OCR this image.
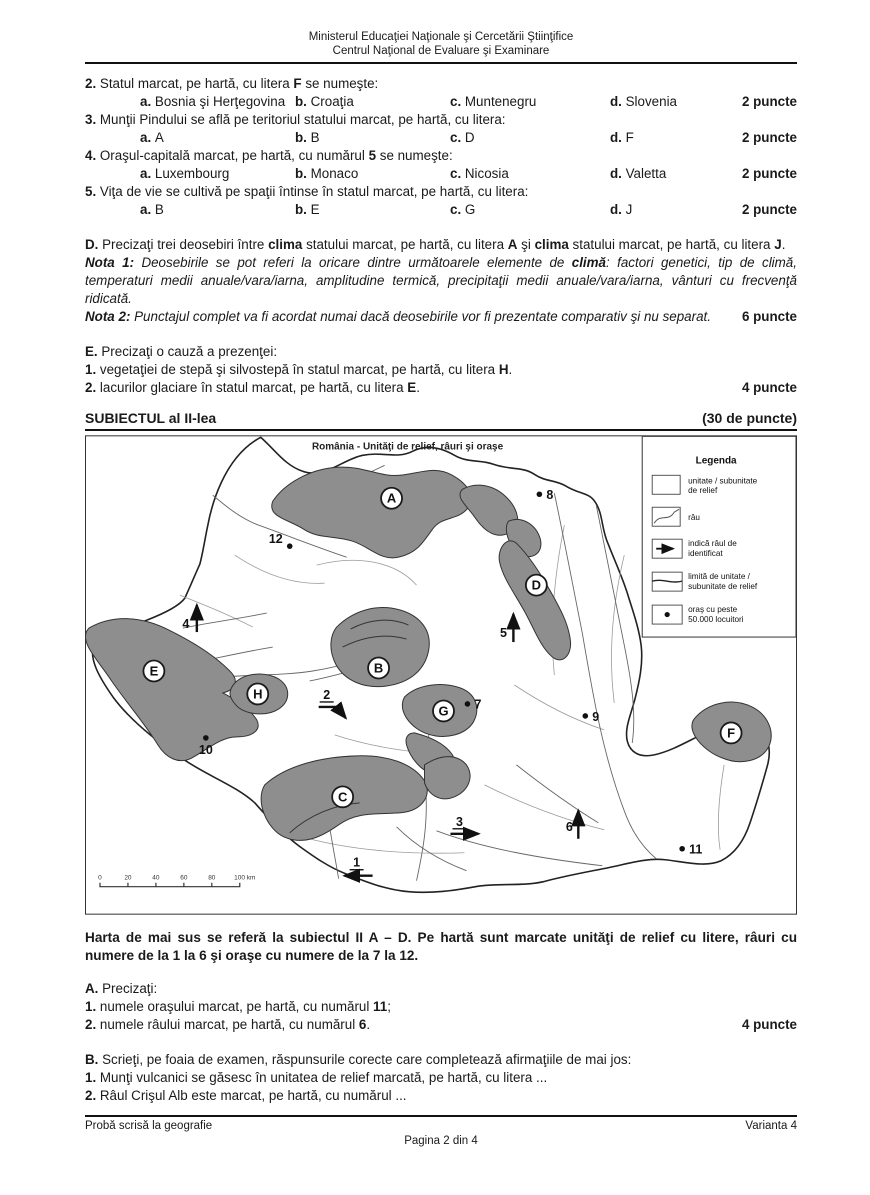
Ministerul Educaţiei Naţionale şi Cercetării Ştiinţifice
Centrul Naţional de Evaluare şi Examinare
2. Statul marcat, pe hartă, cu litera F se numeşte:
a. Bosnia şi Herţegovina b. Croaţia	c. Muntenegru	d. Slovenia	2 puncte
3. Munţii Pindului se află pe teritoriul statului marcat, pe hartă, cu litera:
a. A	b. B	c. D	d. F	2 puncte
4. Oraşul-capitală marcat, pe hartă, cu numărul 5 se numeşte:
a. Luxembourg	b. Monaco	c. Nicosia	d. Valetta	2 puncte
5. Viţa de vie se cultivă pe spaţii întinse în statul marcat, pe hartă, cu litera:
a. B	b. E	c. G	d. J	2 puncte
D. Precizaţi trei deosebiri între clima statului marcat, pe hartă, cu litera A şi clima statului marcat, pe hartă, cu litera J.
Nota 1: Deosebirile se pot referi la oricare dintre următoarele elemente de climă: factori genetici, tip de climă, temperaturi medii anuale/vara/iarna, amplitudine termică, precipitaţii medii anuale/vara/iarna, vânturi cu frecvenţă ridicată.
Nota 2: Punctajul complet va fi acordat numai dacă deosebirile vor fi prezentate comparativ şi nu separat. 6 puncte
E. Precizaţi o cauză a prezenţei:
1. vegetaţiei de stepă şi silvostepă în statul marcat, pe hartă, cu litera H.
2. lacurilor glaciare în statul marcat, pe hartă, cu litera E.	4 puncte
SUBIECTUL al II-lea	(30 de puncte)
România - Unităţi de relief, râuri şi oraşe
A
B
C
D
E
F
G
H
7
8
9
10
11
12
1
2
3
4
5
6
0	20	40	60	80	100 km
Legenda
unitate / subunitate
de relief
râu
indică râul de
identificat
limită de unitate /
subunitate de relief
oraş cu peste
50.000 locuitori
Harta de mai sus se referă la subiectul II A – D. Pe hartă sunt marcate unităţi de relief cu litere, râuri cu numere de la 1 la 6 şi oraşe cu numere de la 7 la 12.
A. Precizaţi:
1. numele oraşului marcat, pe hartă, cu numărul 11;
2. numele râului marcat, pe hartă, cu numărul 6.	4 puncte
B. Scrieţi, pe foaia de examen, răspunsurile corecte care completează afirmaţiile de mai jos:
1. Munţi vulcanici se găsesc în unitatea de relief marcată, pe hartă, cu litera ...
2. Râul Crişul Alb este marcat, pe hartă, cu numărul ...
Probă scrisă la geografie	Varianta 4
Pagina 2 din 4
